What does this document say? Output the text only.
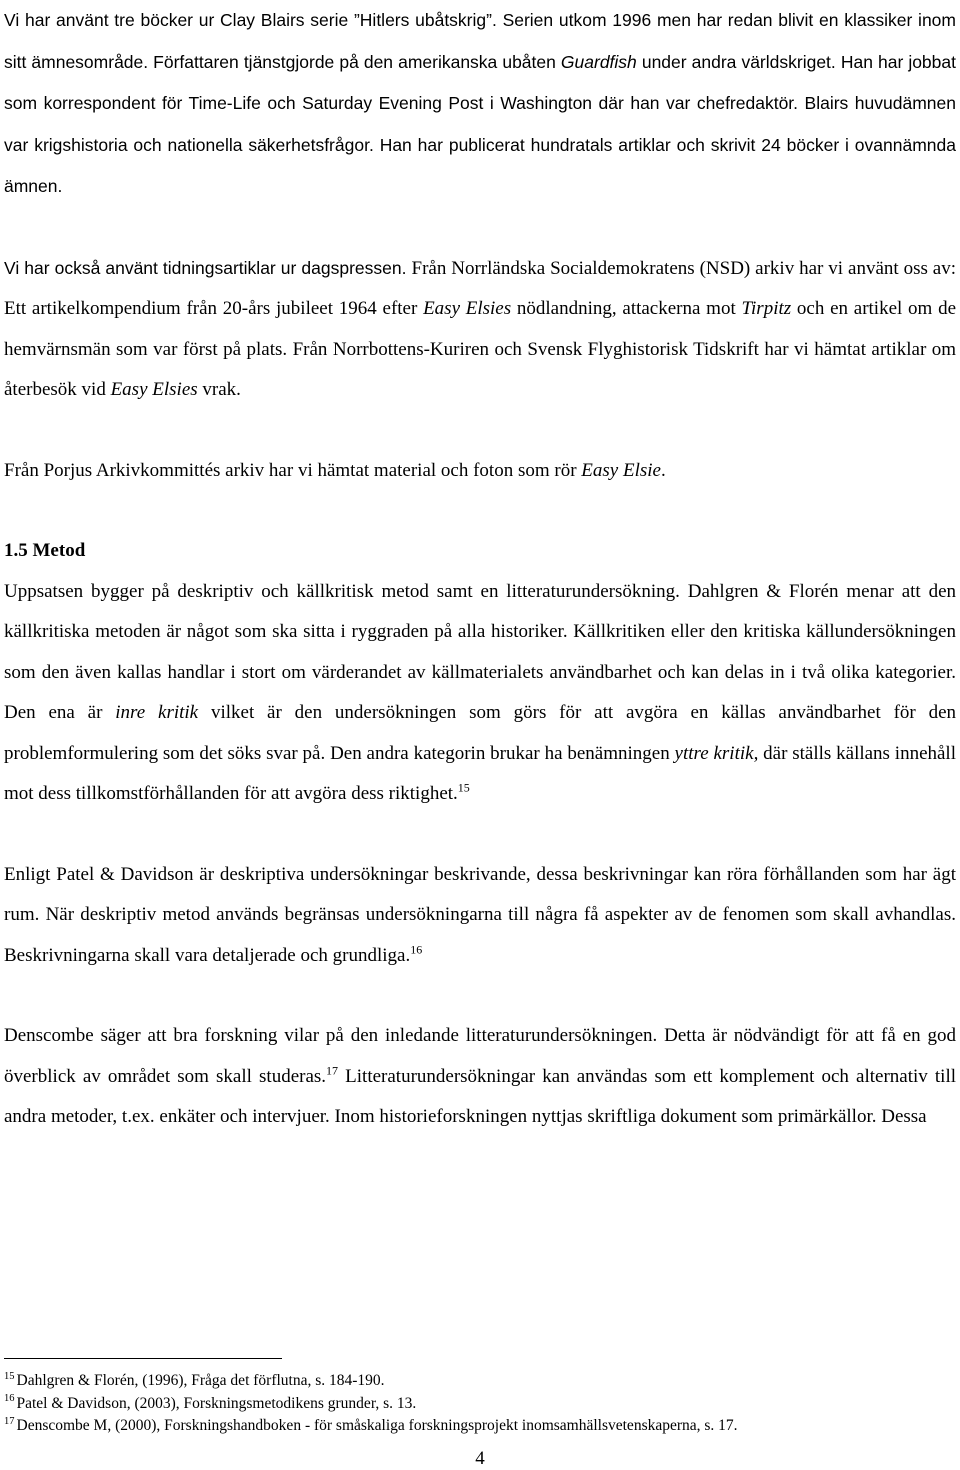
Vi har använt tre böcker ur Clay Blairs serie ”Hitlers ubåtskrig”. Serien utkom 1996 men har redan blivit en klassiker inom sitt ämnesområde. Författaren tjänstgjorde på den amerikanska ubåten Guardfish under andra världskriget. Han har jobbat som korrespondent för Time-Life och Saturday Evening Post i Washington där han var chefredaktör. Blairs huvudämnen var krigshistoria och nationella säkerhetsfrågor. Han har publicerat hundratals artiklar och skrivit 24 böcker i ovannämnda ämnen.

Vi har också använt tidningsartiklar ur dagspressen. Från Norrländska Socialdemokratens (NSD) arkiv har vi använt oss av: Ett artikelkompendium från 20-års jubileet 1964 efter Easy Elsies nödlandning, attackerna mot Tirpitz och en artikel om de hemvärnsmän som var först på plats. Från Norrbottens-Kuriren och Svensk Flyghistorisk Tidskrift har vi hämtat artiklar om återbesök vid Easy Elsies vrak.

Från Porjus Arkivkommittés arkiv har vi hämtat material och foton som rör Easy Elsie.

1.5 Metod

Uppsatsen bygger på deskriptiv och källkritisk metod samt en litteraturundersökning. Dahlgren & Florén menar att den källkritiska metoden är något som ska sitta i ryggraden på alla historiker. Källkritiken eller den kritiska källundersökningen som den även kallas handlar i stort om värderandet av källmaterialets användbarhet och kan delas in i två olika kategorier. Den ena är inre kritik vilket är den undersökningen som görs för att avgöra en källas användbarhet för den problemformulering som det söks svar på. Den andra kategorin brukar ha benämningen yttre kritik, där ställs källans innehåll mot dess tillkomstförhållanden för att avgöra dess riktighet.$^{15}$

Enligt Patel & Davidson är deskriptiva undersökningar beskrivande, dessa beskrivningar kan röra förhållanden som har ägt rum. När deskriptiv metod används begränsas undersökningarna till några få aspekter av de fenomen som skall avhandlas. Beskrivningarna skall vara detaljerade och grundliga.$^{16}$

Denscombe säger att bra forskning vilar på den inledande litteraturundersökningen. Detta är nödvändigt för att få en god överblick av området som skall studeras.$^{17}$ Litteraturundersökningar kan användas som ett komplement och alternativ till andra metoder, t.ex. enkäter och intervjuer. Inom historieforskningen nyttjas skriftliga dokument som primärkällor. Dessa

$^{15}$ Dahlgren & Florén, (1996), Fråga det förflutna, s. 184-190.

$^{16}$ Patel & Davidson, (2003), Forskningsmetodikens grunder, s. 13.

$^{17}$ Denscombe M, (2000), Forskningshandboken - för småskaliga forskningsprojekt inomsamhällsvetenskaperna, s. 17.

4
